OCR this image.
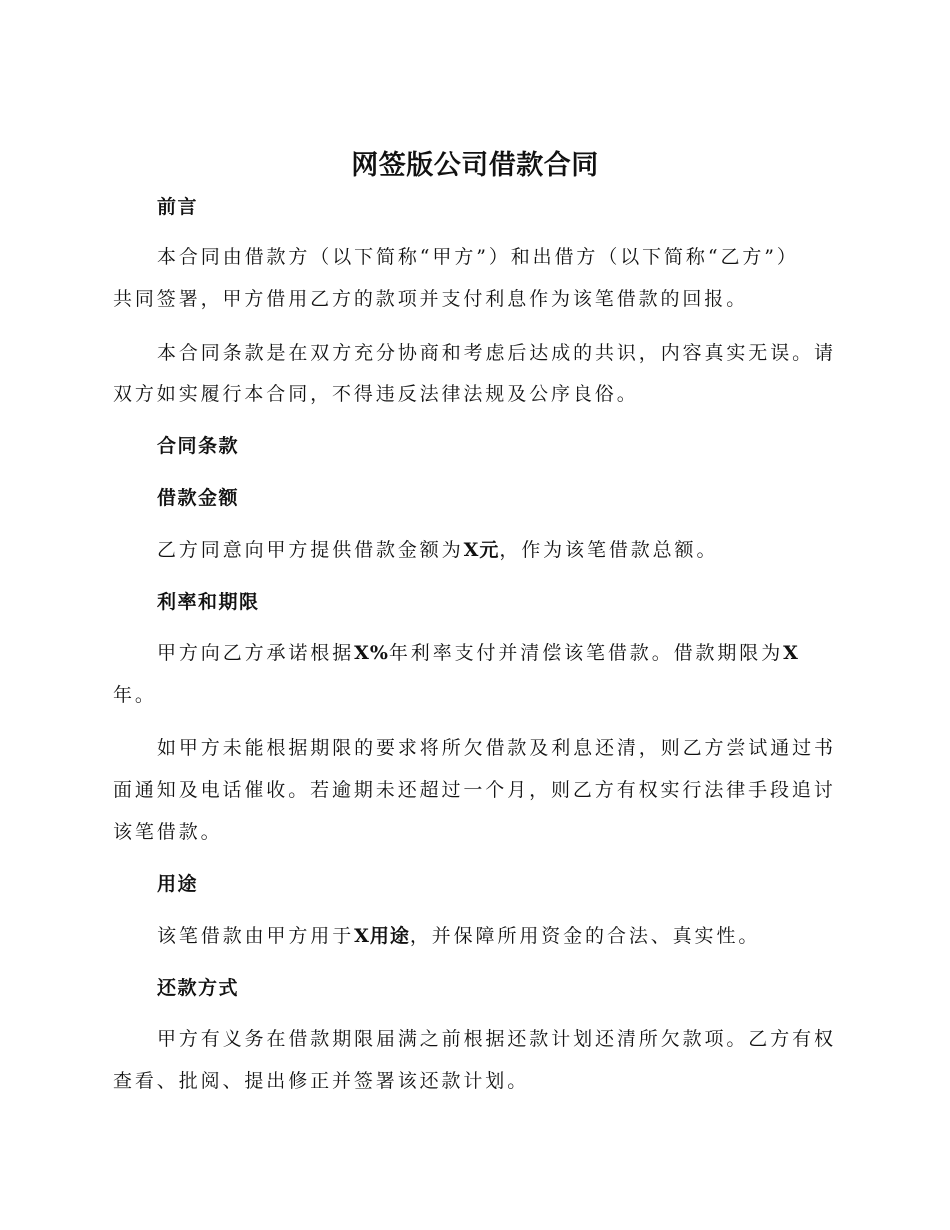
网签版公司借款合同
前言
本合同由借款方（以下简称“甲方”）和出借方（以下简称“乙方”）
共同签署，甲方借用乙方的款项并支付利息作为该笔借款的回报。
本合同条款是在双方充分协商和考虑后达成的共识，内容真实无误。请
双方如实履行本合同，不得违反法律法规及公序良俗。
合同条款
借款金额
乙方同意向甲方提供借款金额为X元，作为该笔借款总额。
利率和期限
甲方向乙方承诺根据X%年利率支付并清偿该笔借款。借款期限为X
年。
如甲方未能根据期限的要求将所欠借款及利息还清，则乙方尝试通过书
面通知及电话催收。若逾期未还超过一个月，则乙方有权实行法律手段追讨
该笔借款。
用途
该笔借款由甲方用于X用途，并保障所用资金的合法、真实性。
还款方式
甲方有义务在借款期限届满之前根据还款计划还清所欠款项。乙方有权
查看、批阅、提出修正并签署该还款计划。
